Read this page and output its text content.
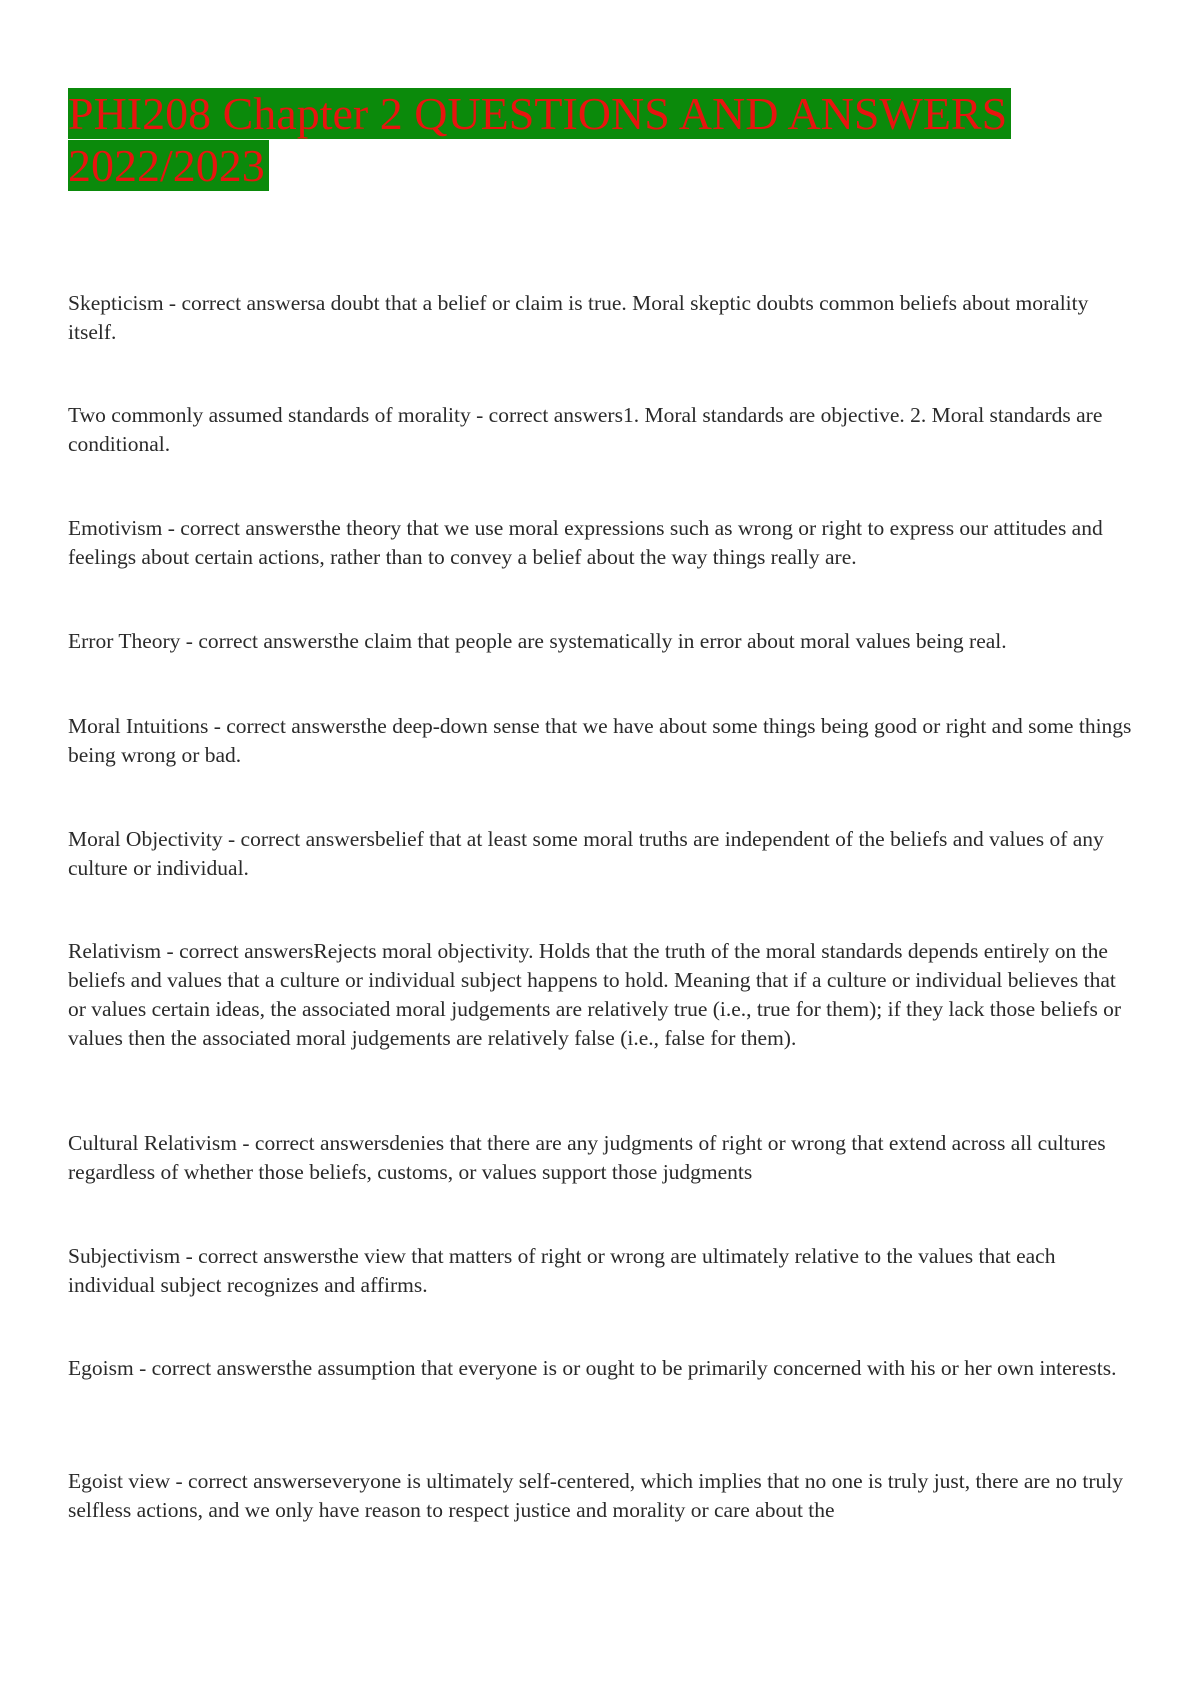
PHI208 Chapter 2 QUESTIONS AND ANSWERS 2022/2023

Skepticism - correct answersa doubt that a belief or claim is true. Moral skeptic doubts common beliefs about morality itself.

Two commonly assumed standards of morality - correct answers1. Moral standards are objective. 2. Moral standards are conditional.

Emotivism - correct answersthe theory that we use moral expressions such as wrong or right to express our attitudes and feelings about certain actions, rather than to convey a belief about the way things really are.

Error Theory - correct answersthe claim that people are systematically in error about moral values being real.

Moral Intuitions - correct answersthe deep-down sense that we have about some things being good or right and some things being wrong or bad.

Moral Objectivity - correct answersbelief that at least some moral truths are independent of the beliefs and values of any culture or individual.

Relativism - correct answersRejects moral objectivity. Holds that the truth of the moral standards depends entirely on the beliefs and values that a culture or individual subject happens to hold. Meaning that if a culture or individual believes that or values certain ideas, the associated moral judgements are relatively true (i.e., true for them); if they lack those beliefs or values then the associated moral judgements are relatively false (i.e., false for them).

Cultural Relativism - correct answersdenies that there are any judgments of right or wrong that extend across all cultures regardless of whether those beliefs, customs, or values support those judgments

Subjectivism - correct answersthe view that matters of right or wrong are ultimately relative to the values that each individual subject recognizes and affirms.

Egoism - correct answersthe assumption that everyone is or ought to be primarily concerned with his or her own interests.

Egoist view - correct answerseveryone is ultimately self-centered, which implies that no one is truly just, there are no truly selfless actions, and we only have reason to respect justice and morality or care about the
